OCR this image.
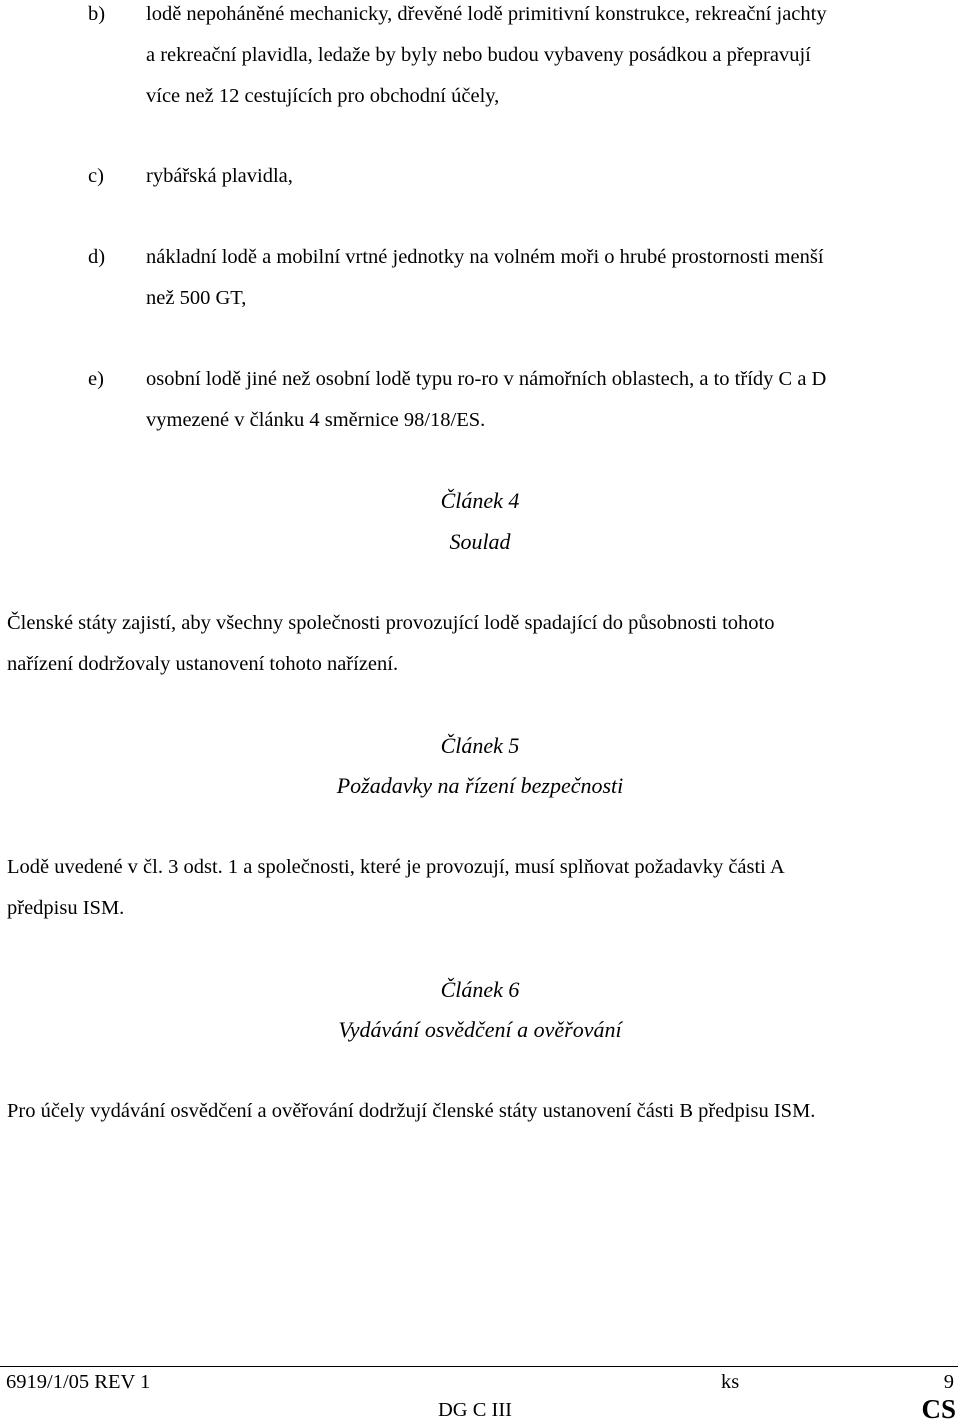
b) lodě nepoháněné mechanicky, dřevěné lodě primitivní konstrukce, rekreační jachty
a rekreační plavidla, ledaže by byly nebo budou vybaveny posádkou a přepravují
více než 12 cestujících pro obchodní účely,
c) rybářská plavidla,
d) nákladní lodě a mobilní vrtné jednotky na volném moři o hrubé prostornosti menší
než 500 GT,
e) osobní lodě jiné než osobní lodě typu ro-ro v námořních oblastech, a to třídy C a D
vymezené v článku 4 směrnice 98/18/ES.
Článek 4
Soulad
Členské státy zajistí, aby všechny společnosti provozující lodě spadající do působnosti tohoto
nařízení dodržovaly ustanovení tohoto nařízení.
Článek 5
Požadavky na řízení bezpečnosti
Lodě uvedené v čl. 3 odst. 1 a společnosti, které je provozují, musí splňovat požadavky části A
předpisu ISM.
Článek 6
Vydávání osvědčení a ověřování
Pro účely vydávání osvědčení a ověřování dodržují členské státy ustanovení části B předpisu ISM.
6919/1/05 REV 1	ks	9
DG C III	CS
